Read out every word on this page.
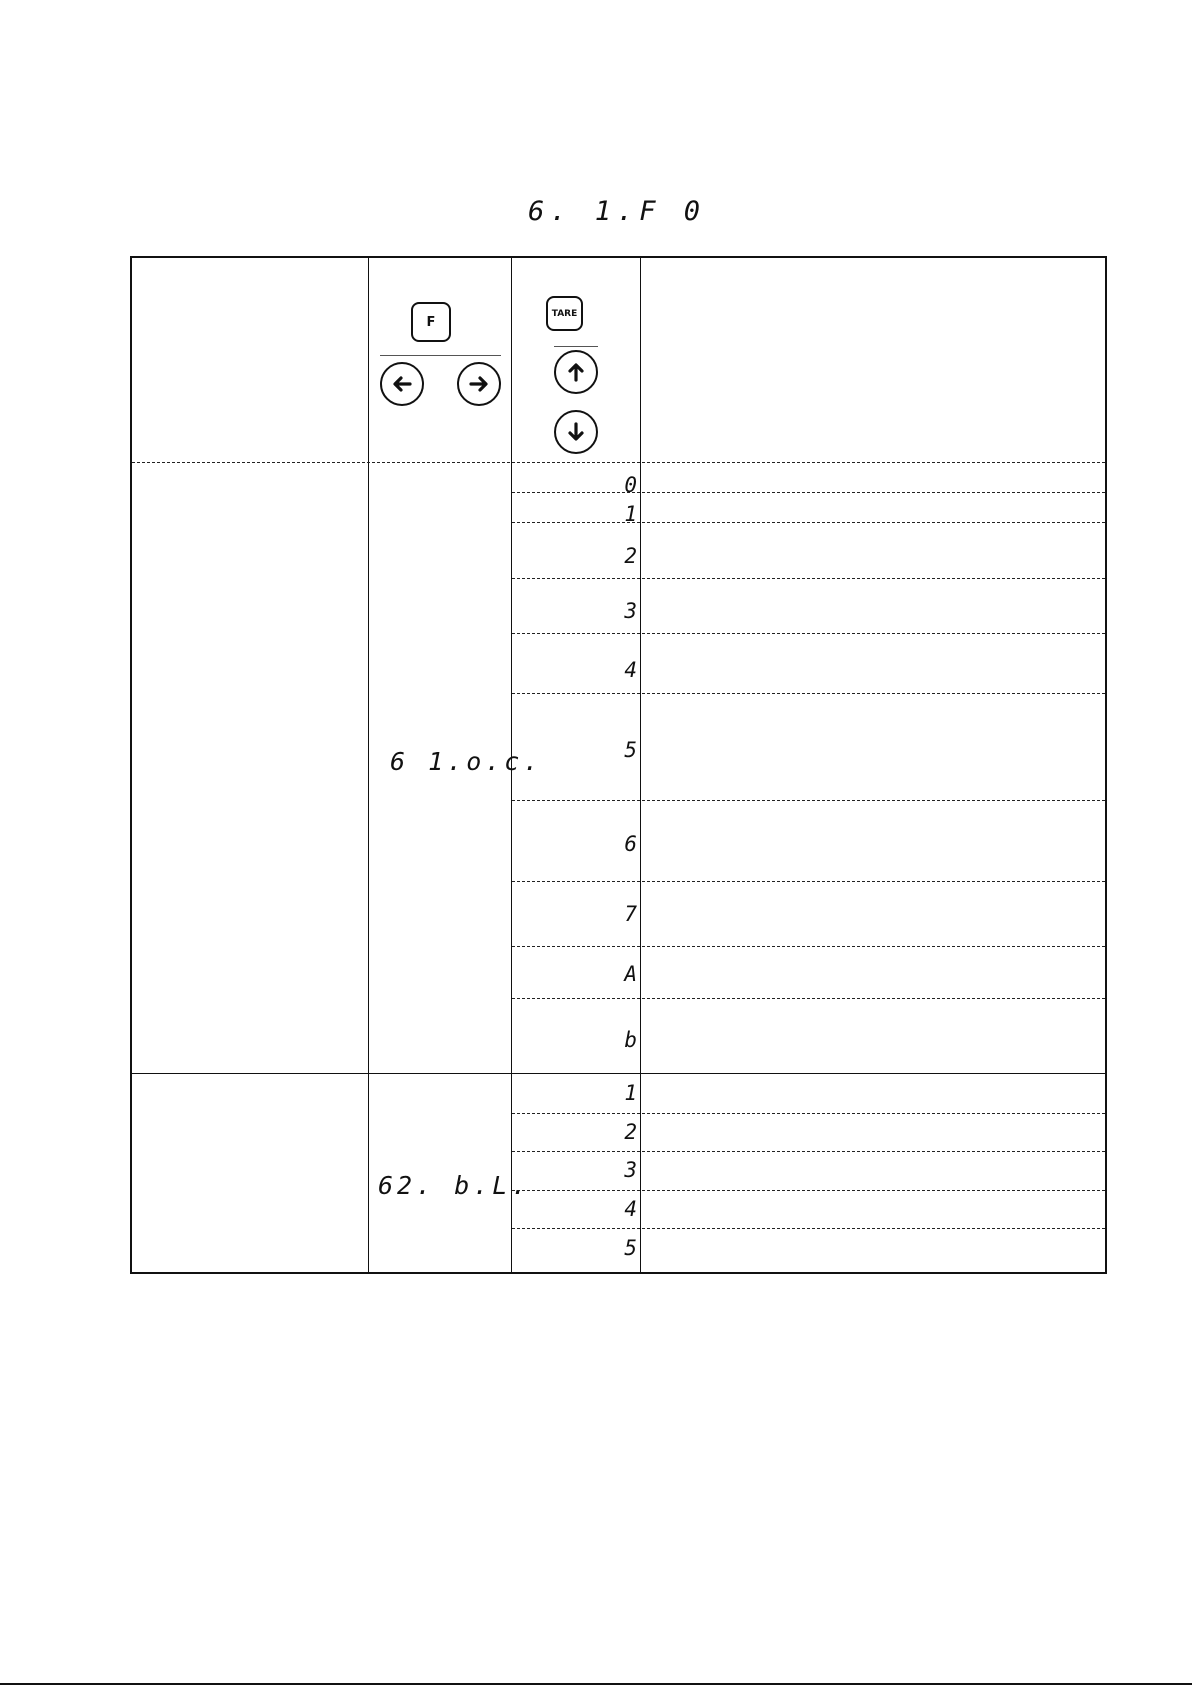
6. 1.F 0
F
TARE
6 1.o.c.
0
1
2
3
4
5
6
7
A
b
62. b.L.
1
2
3
4
5
